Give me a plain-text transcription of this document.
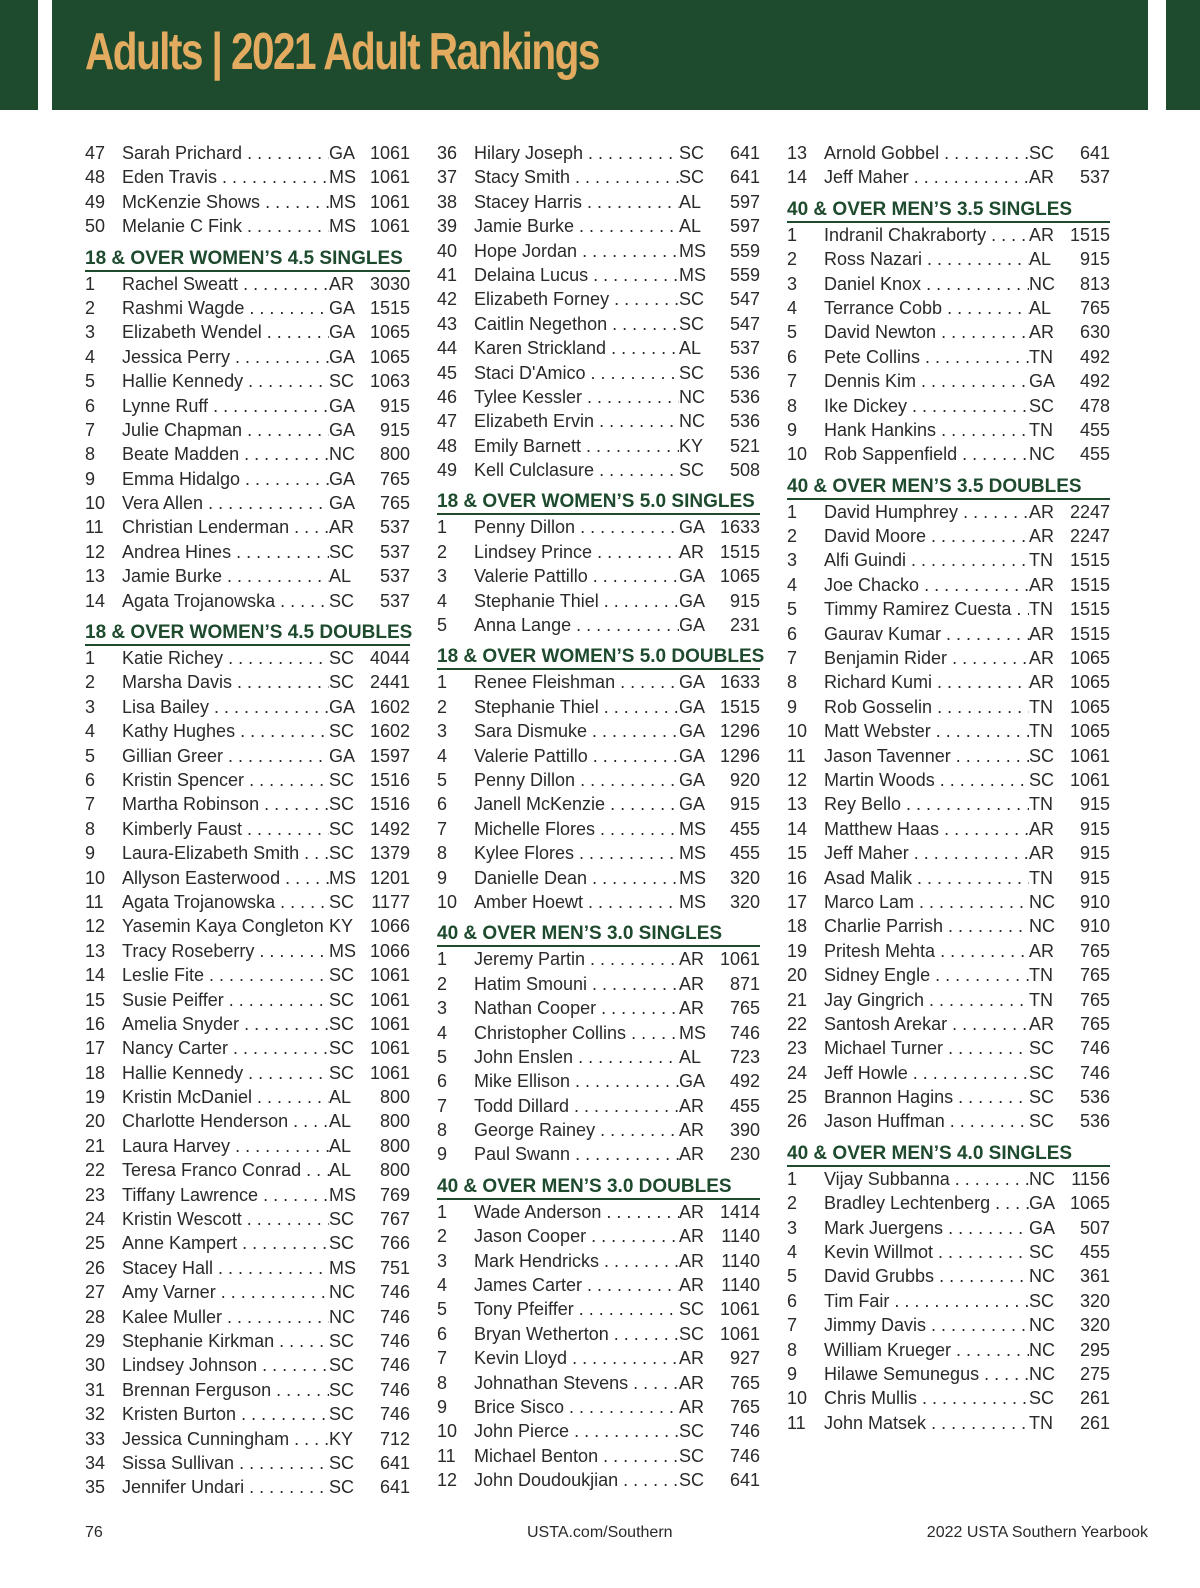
Adults | 2021 Adult Rankings
47 Sarah Prichard . . .	GA 1061
48 Eden Travis . . .	MS 1061
49 McKenzie Shows . . .	MS 1061
50 Melanie C Fink . . .	MS 1061
18 & OVER WOMEN’S 4.5 SINGLES
1	Rachel Sweatt . . .	AR 3030
2	Rashmi Wagde . . .	GA 1515
3	Elizabeth Wendel . . .	GA 1065
4	Jessica Perry . . .	GA 1065
5	Hallie Kennedy . . .	SC 1063
6	Lynne Ruff . . .	GA	915
7	Julie Chapman . . .	GA	915
8	Beate Madden . . .	NC	800
9	Emma Hidalgo . . .	GA	765
10 Vera Allen . . .	GA	765
11	Christian Lenderman . . .	AR	537
12 Andrea Hines . . .	SC	537
13 Jamie Burke . . .	AL	537
14 Agata Trojanowska . . .	SC	537
18 & OVER WOMEN’S 4.5 DOUBLES
1	Katie Richey . . .	SC 4044
2	Marsha Davis . . .	SC 2441
3	Lisa Bailey . . .	GA 1602
4	Kathy Hughes . . .	SC 1602
5	Gillian Greer . . .	GA 1597
6	Kristin Spencer . . .	SC 1516
7	Martha Robinson . . .	SC 1516
8	Kimberly Faust . . .	SC 1492
9	Laura-Elizabeth Smith . . .	SC 1379
10 Allyson Easterwood . . .	MS 1201
11	Agata Trojanowska . . .	SC 1177
12 Yasemin Kaya Congleton . . . KY 1066
13 Tracy Roseberry . . .	MS 1066
14 Leslie Fite . . .	SC 1061
15 Susie Peiffer . . .	SC 1061
16 Amelia Snyder . . .	SC 1061
17 Nancy Carter . . .	SC 1061
18 Hallie Kennedy . . .	SC 1061
19 Kristin McDaniel . . .	AL	800
20 Charlotte Henderson . . .	AL	800
21 Laura Harvey . . .	AL	800
22 Teresa Franco Conrad . . .	AL	800
23 Tiffany Lawrence . . .	MS	769
24 Kristin Wescott . . .	SC	767
25 Anne Kampert . . .	SC	766
26 Stacey Hall . . .	MS	751
27 Amy Varner . . .	NC	746
28 Kalee Muller . . .	NC	746
29 Stephanie Kirkman . . .	SC	746
30 Lindsey Johnson . . .	SC	746
31 Brennan Ferguson . . .	SC	746
32 Kristen Burton . . .	SC	746
33 Jessica Cunningham . . .	KY	712
34 Sissa Sullivan . . .	SC	641
35 Jennifer Undari . . .	SC	641
36 Hilary Joseph . . .	SC	641
37 Stacy Smith . . .	SC	641
38 Stacey Harris . . .	AL	597
39 Jamie Burke . . .	AL	597
40 Hope Jordan . . .	MS	559
41 Delaina Lucus . . .	MS	559
42 Elizabeth Forney . . .	SC	547
43 Caitlin Negethon . . .	SC	547
44 Karen Strickland . . .	AL	537
45 Staci D'Amico . . .	SC	536
46 Tylee Kessler . . .	NC	536
47 Elizabeth Ervin . . .	NC	536
48 Emily Barnett . . .	KY	521
49 Kell Culclasure . . .	SC	508
18 & OVER WOMEN’S 5.0 SINGLES
1	Penny Dillon . . .	GA 1633
2	Lindsey Prince . . .	AR 1515
3	Valerie Pattillo . . .	GA 1065
4	Stephanie Thiel . . .	GA	915
5	Anna Lange . . .	GA	231
18 & OVER WOMEN’S 5.0 DOUBLES
1	Renee Fleishman . . .	GA 1633
2	Stephanie Thiel . . .	GA 1515
3	Sara Dismuke . . .	GA 1296
4	Valerie Pattillo . . .	GA 1296
5	Penny Dillon . . .	GA	920
6	Janell McKenzie . . .	GA	915
7	Michelle Flores . . .	MS	455
8	Kylee Flores . . .	MS	455
9	Danielle Dean . . .	MS	320
10 Amber Hoewt . . .	MS	320
40 & OVER MEN’S 3.0 SINGLES
1	Jeremy Partin . . .	AR 1061
2	Hatim Smouni . . .	AR	871
3	Nathan Cooper . . .	AR	765
4	Christopher Collins . . .	MS	746
5	John Enslen . . .	AL	723
6	Mike Ellison . . .	GA	492
7	Todd Dillard . . .	AR	455
8	George Rainey . . .	AR	390
9	Paul Swann . . .	AR	230
40 & OVER MEN’S 3.0 DOUBLES
1	Wade Anderson . . .	AR 1414
2	Jason Cooper . . .	AR 1140
3	Mark Hendricks . . .	AR 1140
4	James Carter . . .	AR 1140
5	Tony Pfeiffer . . .	SC 1061
6	Bryan Wetherton . . .	SC 1061
7	Kevin Lloyd . . .	AR	927
8	Johnathan Stevens . . .	AR	765
9	Brice Sisco . . .	AR	765
10 John Pierce . . .	SC	746
11	Michael Benton . . .	SC	746
12 John Doudoukjian . . .	SC	641
13 Arnold Gobbel . . .	SC	641
14 Jeff Maher . . .	AR	537
40 & OVER MEN’S 3.5 SINGLES
1	Indranil Chakraborty . . .	AR 1515
2	Ross Nazari . . .	AL	915
3	Daniel Knox . . .	NC	813
4	Terrance Cobb . . .	AL	765
5	David Newton . . .	AR	630
6	Pete Collins . . .	TN	492
7	Dennis Kim . . .	GA	492
8	Ike Dickey . . .	SC	478
9	Hank Hankins . . .	TN	455
10 Rob Sappenfield . . .	NC	455
40 & OVER MEN’S 3.5 DOUBLES
1	David Humphrey . . .	AR 2247
2	David Moore . . .	AR 2247
3	Alfi Guindi . . .	TN 1515
4	Joe Chacko . . .	AR 1515
5	Timmy Ramirez Cuesta . . . TN 1515
6	Gaurav Kumar . . .	AR 1515
7	Benjamin Rider . . .	AR 1065
8	Richard Kumi . . .	AR 1065
9	Rob Gosselin . . .	TN 1065
10 Matt Webster . . .	TN 1065
11	Jason Tavenner . . .	SC 1061
12 Martin Woods . . .	SC 1061
13 Rey Bello . . .	TN	915
14 Matthew Haas . . .	AR	915
15 Jeff Maher . . .	AR	915
16 Asad Malik . . .	TN	915
17 Marco Lam . . .	NC	910
18 Charlie Parrish . . .	NC	910
19 Pritesh Mehta . . .	AR	765
20 Sidney Engle . . .	TN	765
21 Jay Gingrich . . .	TN	765
22 Santosh Arekar . . .	AR	765
23 Michael Turner . . .	SC	746
24 Jeff Howle . . .	SC	746
25 Brannon Hagins . . .	SC	536
26 Jason Huffman . . .	SC	536
40 & OVER MEN’S 4.0 SINGLES
1	Vijay Subbanna . . .	NC 1156
2	Bradley Lechtenberg . . .	GA 1065
3	Mark Juergens . . .	GA	507
4	Kevin Willmot . . .	SC	455
5	David Grubbs . . .	NC	361
6	Tim Fair . . .	SC	320
7	Jimmy Davis . . .	NC	320
8	William Krueger . . .	NC	295
9	Hilawe Semunegus . . .	NC	275
10 Chris Mullis . . .	SC	261
11	John Matsek . . .	TN	261
76	USTA.com/Southern	2022 USTA Southern Yearbook
